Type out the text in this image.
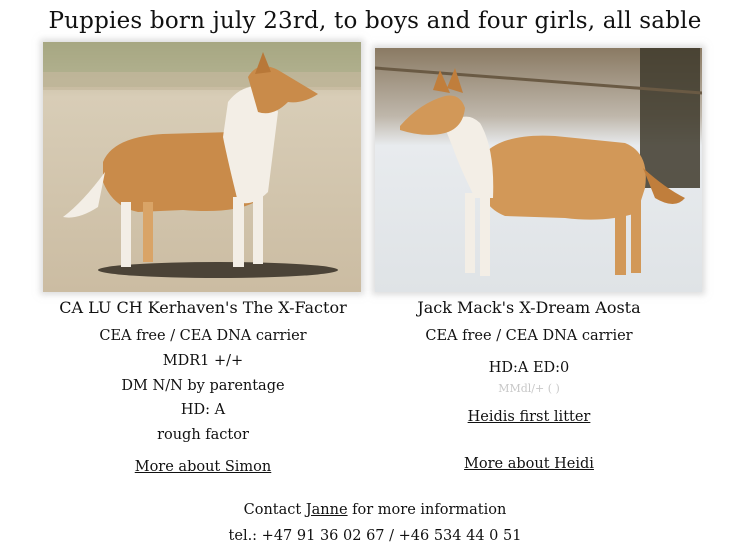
Puppies born july 23rd, to boys and four girls, all sable
CA LU CH Kerhaven's The X-Factor
CEA free / CEA DNA carrier
MDR1 +/+
DM N/N by parentage
HD: A
rough factor
More about Simon
Jack Mack's X-Dream Aosta
CEA free / CEA DNA carrier
HD:A ED:0
MMdl/+ ( )
Heidis first litter
More about Heidi
Contact Janne for more information
tel.: +47 91 36 02 67 / +46 534 44 0 51
